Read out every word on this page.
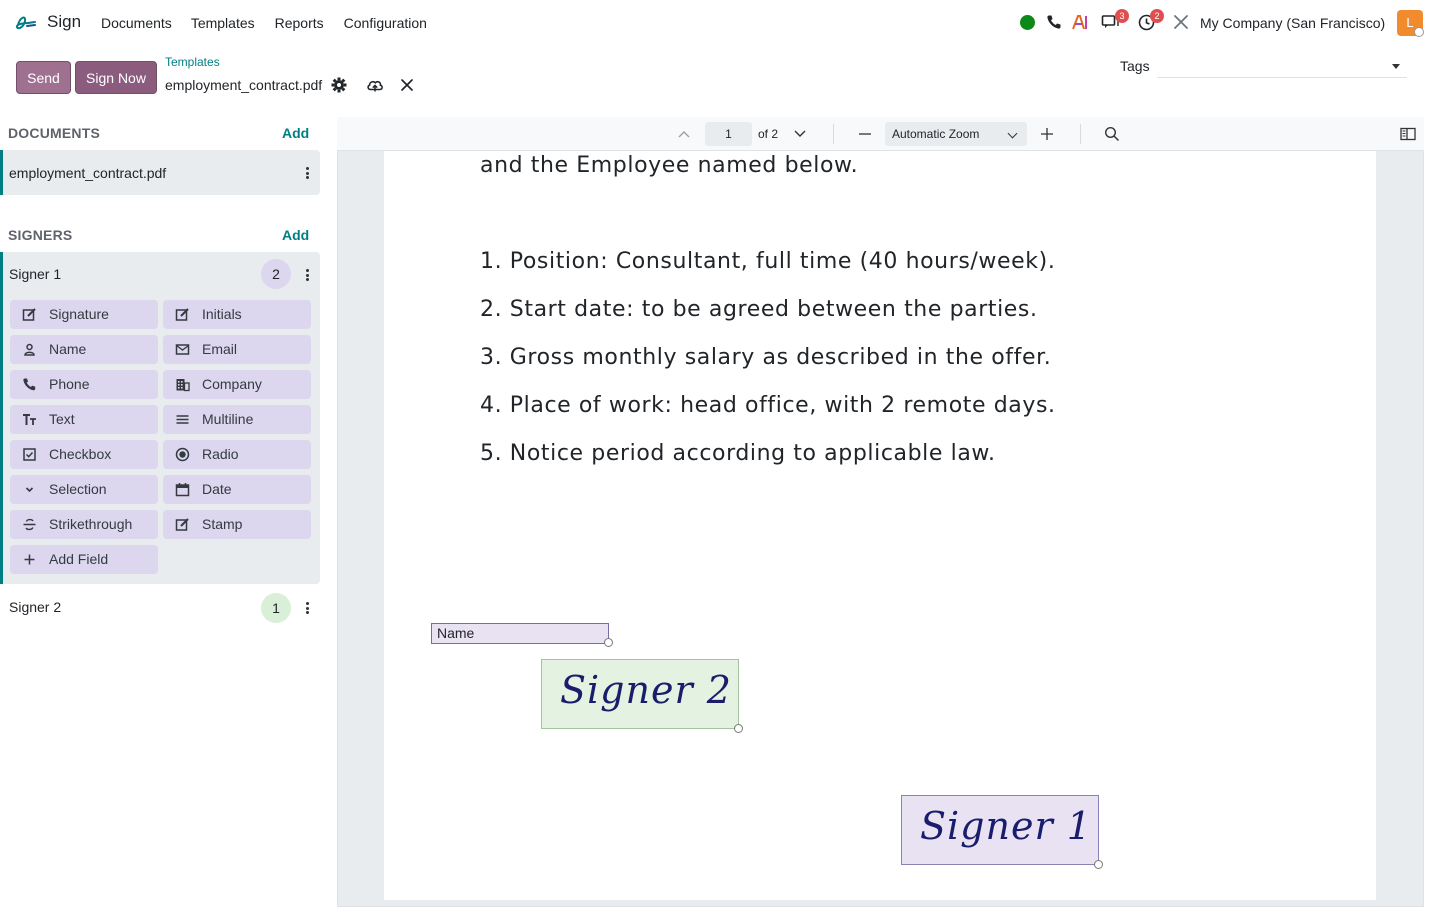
Sign Documents Templates Reports Configuration	3	2	My Company (San Francisco)	L
Send	Sign Now
Templates
employment_contract.pdf
Tags
DOCUMENTS	Add
employment_contract.pdf
SIGNERS	Add
Signer 1	2
Signature	Initials
Name	Email
Phone	Company
Text	Multiline
Checkbox	Radio
Selection	Date
Strikethrough	Stamp
Add Field
Signer 2	1
1	of 2	Automatic Zoom
and the Employee named below.
1. Position: Consultant, full time (40 hours/week).
2. Start date: to be agreed between the parties.
3. Gross monthly salary as described in the offer.
4. Place of work: head office, with 2 remote days.
5. Notice period according to applicable law.
Name
Signer 2
Signer 1
